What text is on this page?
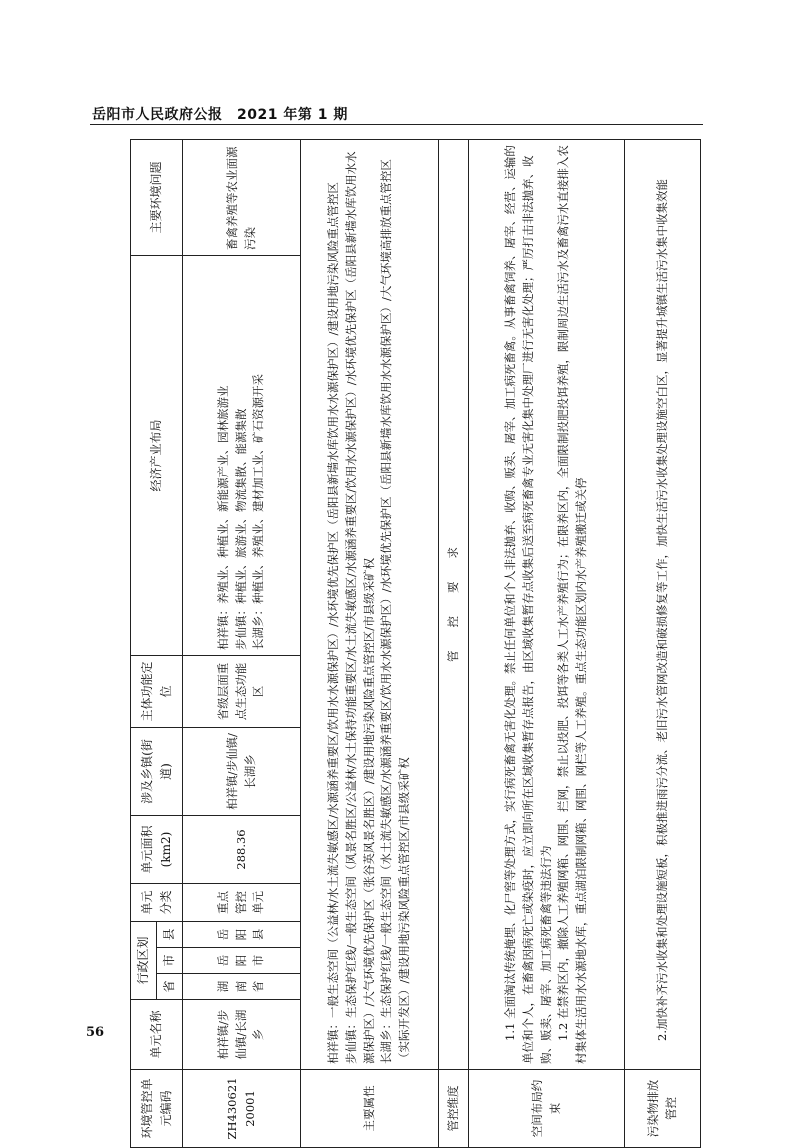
岳阳市人民政府公报　2021 年第 1 期
环境管控单元编码	单元名称	行政区划			单元分类	单元面积(km2)	涉及乡镇(街道)	主体功能定位	经济产业布局	主要环境问题
		省	市	县						
ZH43062120001	柏祥镇/步仙镇/长湖乡	湖南省	岳阳市	岳阳县	重点管控单元	288.36	柏祥镇/步仙镇/长湖乡	省级层面重点生态功能区	柏祥镇：养殖业、种植业、新能源产业、园林旅游业 步仙镇：种植业、旅游业、物流集散、能源集散 长湖乡：种植业、养殖业、建材加工业、矿石资源开采	畜禽养殖等农业面源污染
主要属性	柏祥镇：一般生态空间（公益林/水土流失敏感区/水源涵养重要区/饮用水水源保护区）/水环境优先保护区（岳阳县新墙水库饮用水水源保护区）/建设用地污染风险重点管控区 步仙镇：生态保护红线/一般生态空间（风景名胜区/公益林/水土保持功能重要区/水土流失敏感区/水源涵养重要区/饮用水水源保护区）/水环境优先保护区（岳阳县新墙水库饮用水水源保护区）/大气环境优先保护区（张谷英风景名胜区）/建设用地污染风险重点管控区/市县级采矿权 长湖乡：生态保护红线/一般生态空间（水土流失敏感区/水源涵养重要区/饮用水水源保护区）/水环境优先保护区（岳阳县新墙水库饮用水水源保护区）/大气环境高排放重点管控区（实际开发区）/建设用地污染风险重点管控区/市县级采矿权									

管控维度	管　　控　　要　　求									
空间布局约束	1.1 全面淘汰传统掩埋、化尸窖等处理方式，实行病死畜禽无害化处理。禁止任何单位和个人非法抛弃、收购、贩卖、屠宰、加工病死畜禽。从事畜禽饲养、屠宰、经营、运输的单位和个人，在畜禽因病死亡或染疫时，应立即向所在区域收集暂存点报告，由区域收集暂存点收集后送至病死畜禽专业无害化集中处理厂进行无害化处理；严厉打击非法抛弃、收购、贩卖、屠宰、加工病死畜禽等违法行为 1.2 在禁养区内，撤除人工养殖网箱、网围、拦网，禁止以投肥、投饵等各类人工水产养殖行为；在限养区内，全面限制投肥投饵养殖，限制周边生活污水及畜禽污水直接排入农村集体生活用水水源地水库，重点湖泊限制网箱、网围、网栏等人工养殖。重点生态功能区划内水产养殖搬迁或关停									

污染物排放管控	2.加快补齐污水收集和处理设施短板，积极推进雨污分流、老旧污水管网改造和破损修复等工作，加快生活污水收集处理设施空白区，显著提升城镇生活污水集中收集效能									

56
